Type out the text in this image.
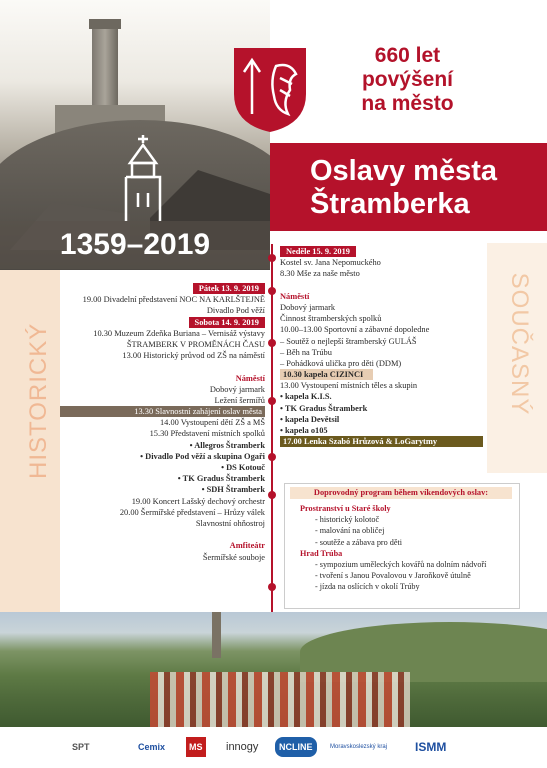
1359–2019
660 let
povýšení
na město
Oslavy města
Štramberka
HISTORICKÝ	SOUČASNÝ
Pátek 13. 9. 2019
19.00 Divadelní představení NOC NA KARLŠTEJNĚ
Divadlo Pod věží
Sobota 14. 9. 2019
10.30 Muzeum Zdeňka Buriana – Vernisáž výstavy
ŠTRAMBERK V PROMĚNÁCH ČASU
13.00 Historický průvod od ZŠ na náměstí
Náměstí
Dobový jarmark
Ležení šermířů
13.30 Slavnostní zahájení oslav města
14.00 Vystoupení dětí ZŠ a MŠ
15.30 Představení místních spolků
• Allegros Štramberk
• Divadlo Pod věží a skupina Ogaři
• DS Kotouč
• TK Gradus Štramberk
• SDH Štramberk
19.00 Koncert Lašský dechový orchestr
20.00 Šermířské představení – Hrůzy válek
Slavnostní ohňostroj
Amfiteátr
Šermířské souboje
Neděle 15. 9. 2019
Kostel sv. Jana Nepomuckého
8.30 Mše za naše město
Náměstí
Dobový jarmark
Činnost štramberských spolků
10.00–13.00 Sportovní a zábavné dopoledne
– Soutěž o nejlepší štramberský GULÁŠ
– Běh na Trúbu
– Pohádková ulička pro děti (DDM)
10.30 kapela CIZINCI
13.00 Vystoupení místních těles a skupin
• kapela K.I.S.
• TK Gradus Štramberk
• kapela Devětsil
• kapela o105
17.00 Lenka Szabó Hrůzová & LoGarytmy
Doprovodný program během víkendových oslav:
Prostranství u Staré školy
- historický kolotoč
- malování na obličej
- soutěže a zábava pro děti
Hrad Trúba
- sympozium uměleckých kovářů na dolním nádvoří
- tvoření s Janou Povalovou v Jaroňkově útulně
- jízda na oslících v okolí Trúby
SPT	Cemix	MS innogy	NCLINE	Moravskoslezský kraj ISMM
